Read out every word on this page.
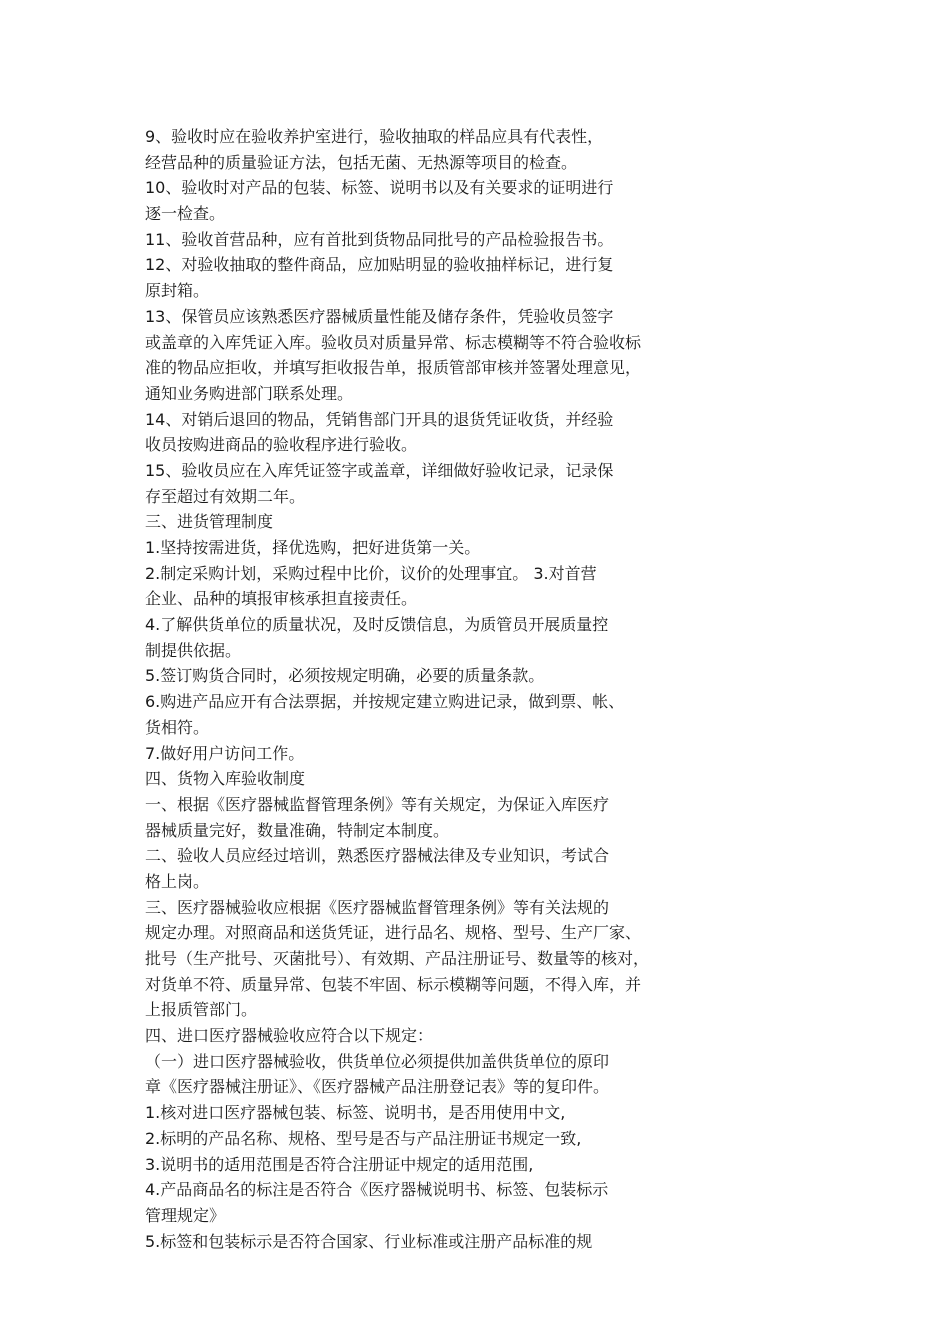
9、验收时应在验收养护室进行，验收抽取的样品应具有代表性，

经营品种的质量验证方法，包括无菌、无热源等项目的检查。

10、验收时对产品的包装、标签、说明书以及有关要求的证明进行

逐一检查。

11、验收首营品种，应有首批到货物品同批号的产品检验报告书。

12、对验收抽取的整件商品，应加贴明显的验收抽样标记，进行复

原封箱。

13、保管员应该熟悉医疗器械质量性能及储存条件，凭验收员签字

或盖章的入库凭证入库。验收员对质量异常、标志模糊等不符合验收标

准的物品应拒收，并填写拒收报告单，报质管部审核并签署处理意见，

通知业务购进部门联系处理。

14、对销后退回的物品，凭销售部门开具的退货凭证收货，并经验

收员按购进商品的验收程序进行验收。

15、验收员应在入库凭证签字或盖章，详细做好验收记录，记录保

存至超过有效期二年。

三、进货管理制度

1.坚持按需进货，择优选购，把好进货第一关。

2.制定采购计划，采购过程中比价，议价的处理事宜。 3.对首营

企业、品种的填报审核承担直接责任。

4.了解供货单位的质量状况，及时反馈信息，为质管员开展质量控

制提供依据。

5.签订购货合同时，必须按规定明确，必要的质量条款。

6.购进产品应开有合法票据，并按规定建立购进记录，做到票、帐、

货相符。

7.做好用户访问工作。

四、货物入库验收制度

一、根据《医疗器械监督管理条例》等有关规定，为保证入库医疗

器械质量完好，数量准确，特制定本制度。

二、验收人员应经过培训，熟悉医疗器械法律及专业知识，考试合

格上岗。

三、医疗器械验收应根据《医疗器械监督管理条例》等有关法规的

规定办理。对照商品和送货凭证，进行品名、规格、型号、生产厂家、

批号（生产批号、灭菌批号）、有效期、产品注册证号、数量等的核对，

对货单不符、质量异常、包装不牢固、标示模糊等问题，不得入库，并

上报质管部门。

四、进口医疗器械验收应符合以下规定：

（一）进口医疗器械验收，供货单位必须提供加盖供货单位的原印

章《医疗器械注册证》、《医疗器械产品注册登记表》等的复印件。

1.核对进口医疗器械包装、标签、说明书，是否用使用中文,

2.标明的产品名称、规格、型号是否与产品注册证书规定一致,

3.说明书的适用范围是否符合注册证中规定的适用范围,

4.产品商品名的标注是否符合《医疗器械说明书、标签、包装标示

管理规定》

5.标签和包装标示是否符合国家、行业标准或注册产品标准的规
